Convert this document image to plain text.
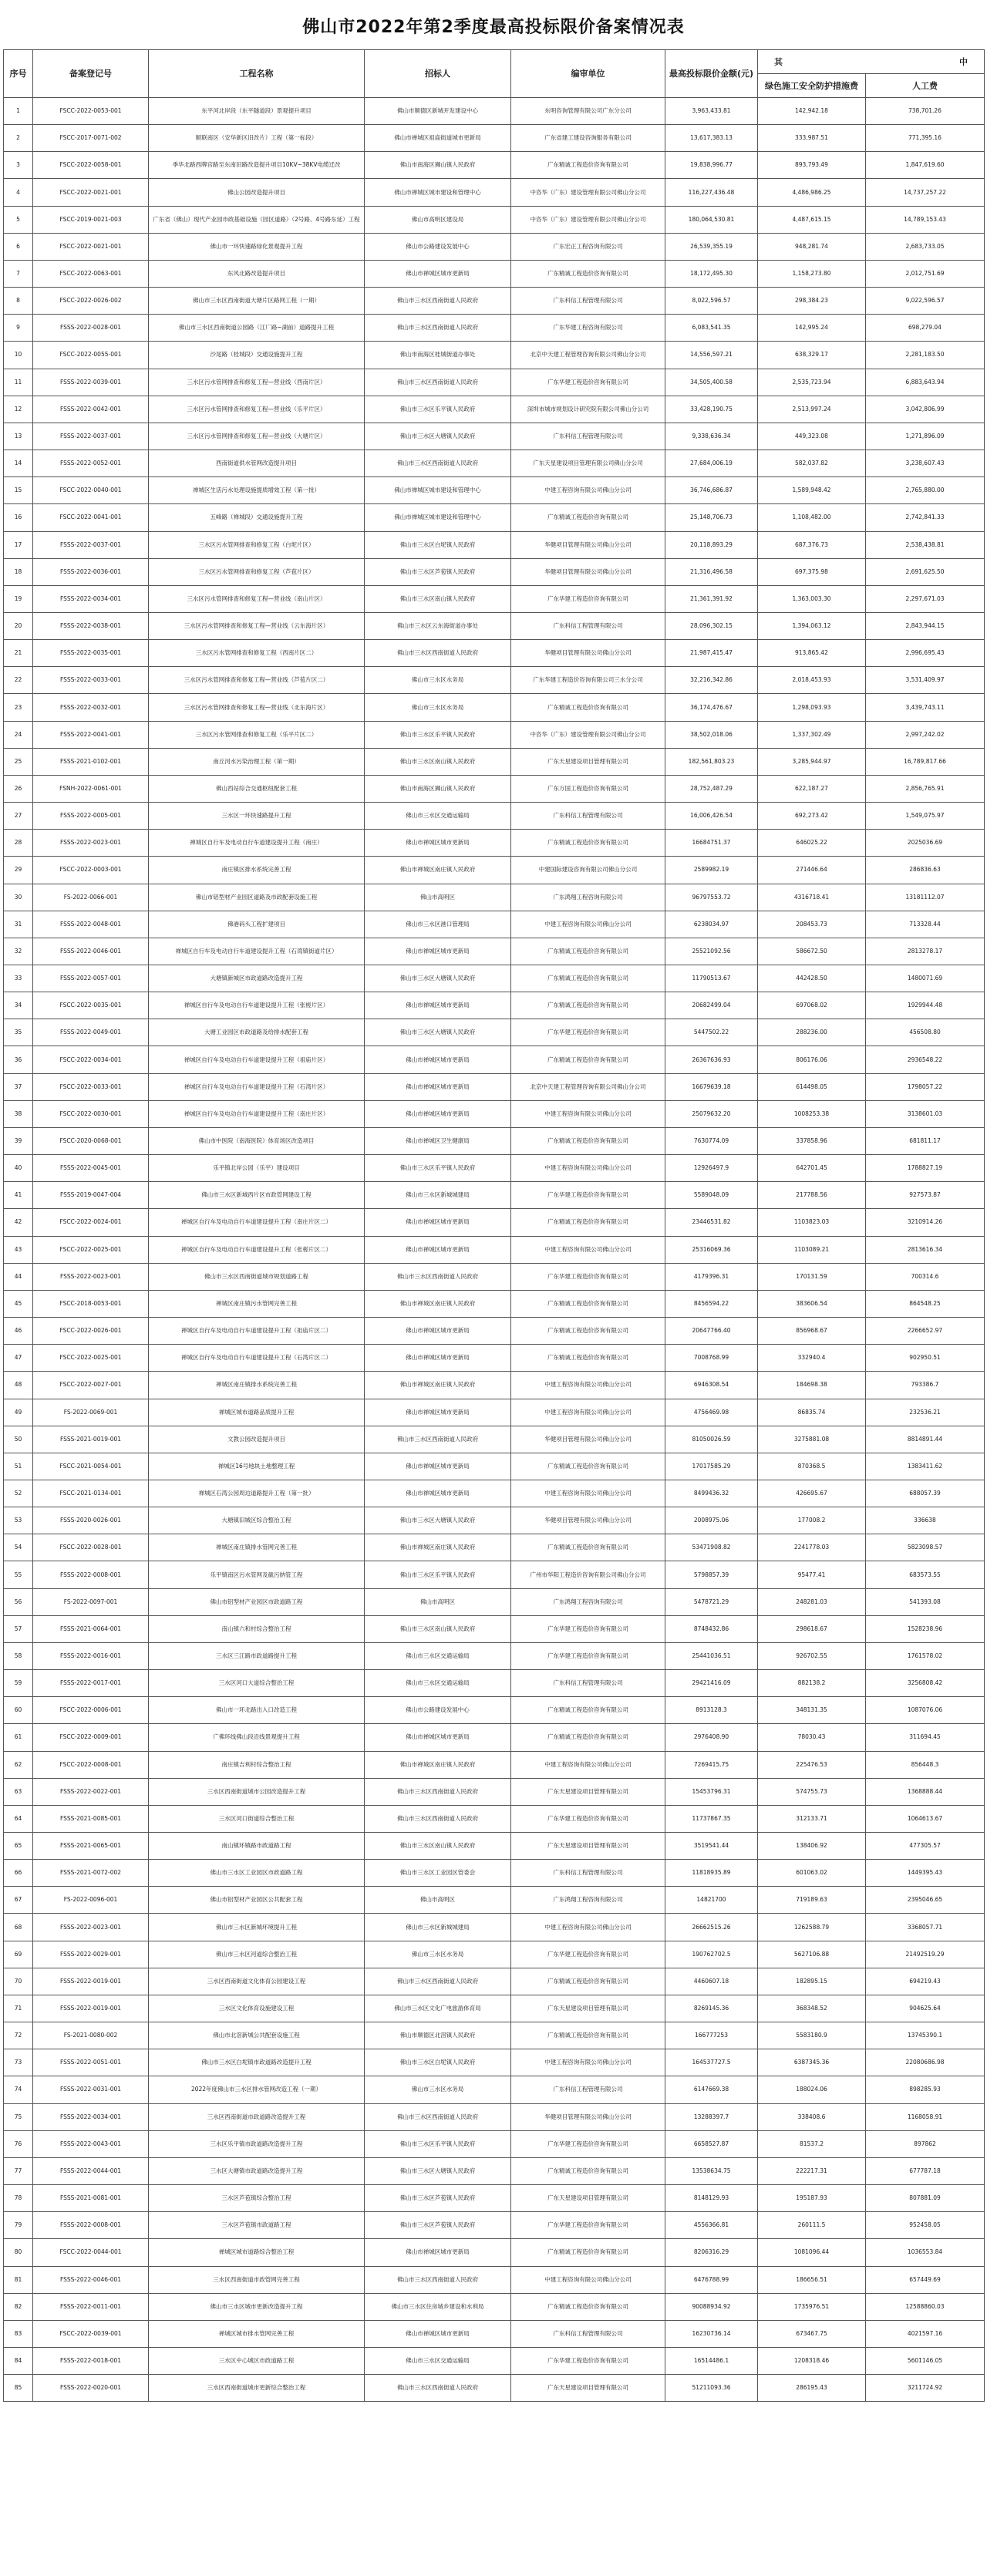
佛山市2022年第2季度最高投标限价备案情况表
序号	备案登记号	工程名称	招标人	编审单位	最高投标限价金额(元)	其 中	

						绿色施工安全防护措施费	人工费
1	FSCC-2022-0053-001	东平河北岸段（东平隧道段）景观提升项目	佛山市顺德区新城开发建设中心	东明咨询管理有限公司广东分公司	3,963,433.81	142,942.18	738,701.26
2	FSCC-2017-0071-002	顺联南区（安华新区旧改片）工程（第一标段）	佛山市禅城区祖庙街道城市更新局	广东省建工建设咨询服务有限公司	13,617,383.13	333,987.51	771,395.16
3	FSCC-2022-0058-001	季华北路西牌宫路至东南旧路改造提升项目10KV~38KV电缆迁改	佛山市南海区狮山镇人民政府	广东精诚工程造价咨询有限公司	19,838,996.77	893,793.49	1,847,619.60
4	FSCC-2022-0021-001	佛山公园改造提升项目	佛山市禅城区城市建设和管理中心	中咨华（广东）建设管理有限公司佛山分公司	116,227,436.48	4,486,986.25	14,737,257.22
5	FSCC-2019-0021-003	广东省（佛山）现代产业园市政基础设施（园区道路）（2号路、4号路东延）工程	佛山市高明区建设局	中咨华（广东）建设管理有限公司佛山分公司	180,064,530.81	4,487,615.15	14,789,153.43
6	FSCC-2022-0021-001	佛山市一环快速路绿化景观提升工程	佛山市公路建设发展中心	广东宏正工程咨询有限公司	26,539,355.19	948,281.74	2,683,733.05
7	FSCC-2022-0063-001	东风北路改造提升项目	佛山市禅城区城市更新局	广东精诚工程造价咨询有限公司	18,172,495.30	1,158,273.80	2,012,751.69
8	FSCC-2022-0026-002	佛山市三水区西南街道大塘片区路网工程（一期）	佛山市三水区西南街道人民政府	广东科信工程管理有限公司	8,022,596.57	298,384.23	9,022,596.57
9	FSSS-2022-0028-001	佛山市三水区西南街道公园路（江厂路~湖前）道路提升工程	佛山市三水区西南街道人民政府	广东华建工程咨询有限公司	6,083,541.35	142,995.24	698,279.04
10	FSCC-2022-0055-001	沙尾路（桂城段）交通设施提升工程	佛山市南海区桂城街道办事处	北京中天建工程管理咨询有限公司佛山分公司	14,556,597.21	638,329.17	2,281,183.50
11	FSSS-2022-0039-001	三水区污水管网排查和修复工程—营业线（西南片区）	佛山市三水区西南街道人民政府	广东华建工程造价咨询有限公司	34,505,400.58	2,535,723.94	6,883,643.94
12	FSSS-2022-0042-001	三水区污水管网排查和修复工程—营业线（乐平片区）	佛山市三水区乐平镇人民政府	深圳市城市规划设计研究院有限公司佛山分公司	33,428,190.75	2,513,997.24	3,042,806.99
13	FSSS-2022-0037-001	三水区污水管网排查和修复工程—营业线（大塘片区）	佛山市三水区大塘镇人民政府	广东科信工程管理有限公司	9,338,636.34	449,323.08	1,271,896.09
14	FSSS-2022-0052-001	西南街道供水管网改造提升项目	佛山市三水区西南街道人民政府	广东天星建设项目管理有限公司佛山分公司	27,684,006.19	582,037.82	3,238,607.43
15	FSCC-2022-0040-001	禅城区生活污水处理设施提质增效工程（第一批）	佛山市禅城区城市建设和管理中心	中建工程咨询有限公司佛山分公司	36,746,686.87	1,589,948.42	2,765,880.00
16	FSCC-2022-0041-001	五峰路（禅城段）交通设施提升工程	佛山市禅城区城市建设和管理中心	广东精诚工程造价咨询有限公司	25,148,706.73	1,108,482.00	2,742,841.33
17	FSSS-2022-0037-001	三水区污水管网排查和修复工程（白坭片区）	佛山市三水区白坭镇人民政府	华健项目管理有限公司佛山分公司	20,118,893.29	687,376.73	2,538,438.81
18	FSSS-2022-0036-001	三水区污水管网排查和修复工程（芦苞片区）	佛山市三水区芦苞镇人民政府	华健项目管理有限公司佛山分公司	21,316,496.58	697,375.98	2,691,625.50
19	FSSS-2022-0034-001	三水区污水管网排查和修复工程—营业线（南山片区）	佛山市三水区南山镇人民政府	广东华建工程造价咨询有限公司	21,361,391.92	1,363,003.30	2,297,671.03
20	FSSS-2022-0038-001	三水区污水管网排查和修复工程—营业线（云东海片区）	佛山市三水区云东海街道办事处	广东科信工程管理有限公司	28,096,302.15	1,394,063.12	2,843,944.15
21	FSSS-2022-0035-001	三水区污水管网排查和修复工程（西南片区二）	佛山市三水区西南街道人民政府	华健项目管理有限公司佛山分公司	21,987,415.47	913,865.42	2,996,695.43
22	FSSS-2022-0033-001	三水区污水管网排查和修复工程—营业线（芦苞片区二）	佛山市三水区水务局	广东华建工程造价咨询有限公司三水分公司	32,216,342.86	2,018,453.93	3,531,409.97
23	FSSS-2022-0032-001	三水区污水管网排查和修复工程—营业线（北东海片区）	佛山市三水区水务局	广东精诚工程造价咨询有限公司	36,174,476.67	1,298,093.93	3,439,743.11
24	FSSS-2022-0041-001	三水区污水管网排查和修复工程（乐平片区二）	佛山市三水区乐平镇人民政府	中咨华（广东）建设管理有限公司佛山分公司	38,502,018.06	1,337,302.49	2,997,242.02
25	FSSS-2021-0102-001	南丘河水污染治理工程（第一期）	佛山市三水区南山镇人民政府	广东天星建设项目管理有限公司	182,561,803.23	3,285,944.97	16,789,817.66
26	FSNH-2022-0061-001	佛山西站综合交通枢纽配套工程	佛山市南海区狮山镇人民政府	广东万国工程造价咨询有限公司	28,752,487.29	622,187.27	2,856,765.91
27	FSSS-2022-0005-001	三水区一环快速路提升工程	佛山市三水区交通运输局	广东科信工程管理有限公司	16,006,426.54	692,273.42	1,549,075.97
28	FSSS-2022-0023-001	禅城区自行车及电动自行车道建设提升工程（南庄）	佛山市禅城区城市更新局	广东精诚工程造价咨询有限公司	16684751.37	646025.22	2025036.69
29	FSCC-2022-0003-001	南庄镇区排水系统完善工程	佛山市禅城区南庄镇人民政府	中建国际建设咨询有限公司佛山分公司	2589982.19	271446.64	286836.63
30	FS-2022-0066-001	佛山市铝型材产业园区道路及市政配套设施工程	佛山市高明区	广东鸿翔工程咨询有限公司	96797553.72	4316718.41	13181112.07
31	FSSS-2022-0048-001	佛港码头工程扩建项目	佛山市三水区港口管理局	中建工程咨询有限公司佛山分公司	6238034.97	208453.73	713328.44
32	FSSS-2022-0046-001	禅城区自行车及电动自行车道建设提升工程（石湾镇街道片区）	佛山市禅城区城市更新局	广东精诚工程造价咨询有限公司	25521092.56	586672.50	2813278.17
33	FSSS-2022-0057-001	大塘镇新城区市政道路改造提升工程	佛山市三水区大塘镇人民政府	广东精诚工程造价咨询有限公司	11790513.67	442428.50	1480071.69
34	FSCC-2022-0035-001	禅城区自行车及电动自行车道建设提升工程（张槎片区）	佛山市禅城区城市更新局	广东精诚工程造价咨询有限公司	20682499.04	697068.02	1929944.48
35	FSSS-2022-0049-001	大塘工业园区市政道路及给排水配套工程	佛山市三水区大塘镇人民政府	广东华建工程造价咨询有限公司	5447502.22	288236.00	456508.80
36	FSCC-2022-0034-001	禅城区自行车及电动自行车道建设提升工程（祖庙片区）	佛山市禅城区城市更新局	广东精诚工程造价咨询有限公司	26367636.93	806176.06	2936548.22
37	FSCC-2022-0033-001	禅城区自行车及电动自行车道建设提升工程（石湾片区）	佛山市禅城区城市更新局	北京中天建工程管理咨询有限公司佛山分公司	16679639.18	614498.05	1798057.22
38	FSCC-2022-0030-001	禅城区自行车及电动自行车道建设提升工程（南庄片区）	佛山市禅城区城市更新局	中建工程咨询有限公司佛山分公司	25079632.20	1008253.38	3138601.03
39	FSCC-2020-0068-001	佛山市中医院（南海医院）体育场区改造项目	佛山市禅城区卫生健康局	广东精诚工程造价咨询有限公司	7630774.09	337858.96	681811.17
40	FSSS-2022-0045-001	乐平镇北岸公园（乐平）建设项目	佛山市三水区乐平镇人民政府	中建工程咨询有限公司佛山分公司	12926497.9	642701.45	1788827.19
41	FSSS-2019-0047-004	佛山市三水区新城西片区市政管网建设工程	佛山市三水区新城城建局	广东华建工程造价咨询有限公司	5589048.09	217788.56	927573.87
42	FSCC-2022-0024-001	禅城区自行车及电动自行车道建设提升工程（南庄片区二）	佛山市禅城区城市更新局	广东精诚工程造价咨询有限公司	23446531.82	1103823.03	3210914.26
43	FSCC-2022-0025-001	禅城区自行车及电动自行车道建设提升工程（张槎片区二）	佛山市禅城区城市更新局	中建工程咨询有限公司佛山分公司	25316069.36	1103089.21	2813616.34
44	FSSS-2022-0023-001	佛山市三水区西南街道城市规划道路工程	佛山市三水区西南街道人民政府	广东华建工程造价咨询有限公司	4179396.31	170131.59	700314.6
45	FSCC-2018-0053-001	禅城区南庄镇污水管网完善工程	佛山市禅城区南庄镇人民政府	广东精诚工程造价咨询有限公司	8456594.22	383606.54	864548.25
46	FSCC-2022-0026-001	禅城区自行车及电动自行车道建设提升工程（祖庙片区二）	佛山市禅城区城市更新局	广东精诚工程造价咨询有限公司	20647766.40	856968.67	2266652.97
47	FSCC-2022-0025-001	禅城区自行车及电动自行车道建设提升工程（石湾片区二）	佛山市禅城区城市更新局	广东精诚工程造价咨询有限公司	7008768.99	332940.4	902950.51
48	FSCC-2022-0027-001	禅城区南庄镇排水系统完善工程	佛山市禅城区南庄镇人民政府	中建工程咨询有限公司佛山分公司	6946308.54	184698.38	793386.7
49	FS-2022-0069-001	禅城区城市道路品质提升工程	佛山市禅城区城市更新局	中建工程咨询有限公司佛山分公司	4756469.98	86835.74	232536.21
50	FSSS-2021-0019-001	文教公园改造提升项目	佛山市三水区西南街道人民政府	华健项目管理有限公司佛山分公司	81050026.59	3275881.08	8814891.44
51	FSCC-2021-0054-001	禅城区16号地块土地整理工程	佛山市禅城区城市更新局	广东精诚工程造价咨询有限公司	17017585.29	870368.5	1383411.62
52	FSCC-2021-0134-001	禅城区石湾公园周边道路提升工程（第一批）	佛山市禅城区城市更新局	中建工程咨询有限公司佛山分公司	8499436.32	426695.67	688057.39
53	FSSS-2020-0026-001	大塘镇旧城区综合整治工程	佛山市三水区大塘镇人民政府	华健项目管理有限公司佛山分公司	2008975.06	177008.2	336638
54	FSCC-2022-0028-001	禅城区南庄镇排水管网完善工程	佛山市禅城区南庄镇人民政府	广东精诚工程造价咨询有限公司	53471908.82	2241778.03	5823098.57
55	FSSS-2022-0008-001	乐平镇南区污水管网及截污纳管工程	佛山市三水区乐平镇人民政府	广州市华阳工程造价咨询有限公司佛山分公司	5798857.39	95477.41	683573.55
56	FS-2022-0097-001	佛山市铝型材产业园区市政道路工程	佛山市高明区	广东鸿翔工程咨询有限公司	5478721.29	248281.03	541393.08
57	FSSS-2021-0064-001	南山镇六和村综合整治工程	佛山市三水区南山镇人民政府	广东华建工程造价咨询有限公司	8748432.86	298618.67	1528238.96
58	FSSS-2022-0016-001	三水区三江路市政道路提升工程	佛山市三水区交通运输局	广东华建工程造价咨询有限公司	25441036.51	926702.55	1761578.02
59	FSSS-2022-0017-001	三水区河口大道综合整治工程	佛山市三水区交通运输局	广东科信工程管理有限公司	29421416.09	882138.2	3256808.42
60	FSCC-2022-0006-001	佛山市一环北路出入口改造工程	佛山市公路建设发展中心	广东精诚工程造价咨询有限公司	8913128.3	348131.35	1087076.06
61	FSCC-2022-0009-001	广佛环线佛山段沿线景观提升工程	佛山市禅城区城市更新局	广东精诚工程造价咨询有限公司	2976408.90	78030.43	311694.45
62	FSCC-2022-0008-001	南庄镇吉利村综合整治工程	佛山市禅城区南庄镇人民政府	中建工程咨询有限公司佛山分公司	7269415.75	225476.53	856448.3
63	FSSS-2022-0022-001	三水区西南街道城市公园改造提升工程	佛山市三水区西南街道人民政府	广东天星建设项目管理有限公司	15453796.31	574755.73	1368888.44
64	FSSS-2021-0085-001	三水区河口街道综合整治工程	佛山市三水区西南街道人民政府	广东华建工程造价咨询有限公司	11737867.35	312133.71	1064613.67
65	FSSS-2021-0065-001	南山镇环镇路市政道路工程	佛山市三水区南山镇人民政府	广东天星建设项目管理有限公司	3519541.44	138406.92	477305.57
66	FSSS-2021-0072-002	佛山市三水区工业园区市政道路工程	佛山市三水区工业园区管委会	广东科信工程管理有限公司	11818935.89	601063.02	1449395.43
67	FS-2022-0096-001	佛山市铝型材产业园区公共配套工程	佛山市高明区	广东鸿翔工程咨询有限公司	14821700	719189.63	2395046.65
68	FSSS-2022-0023-001	佛山市三水区新城环境提升工程	佛山市三水区新城城建局	中建工程咨询有限公司佛山分公司	26662515.26	1262588.79	3368057.71
69	FSSS-2022-0029-001	佛山市三水区河道综合整治工程	佛山市三水区水务局	广东华建工程造价咨询有限公司	190762702.5	5627106.88	21492519.29
70	FSSS-2022-0019-001	三水区西南街道文化体育公园建设工程	佛山市三水区西南街道人民政府	广东精诚工程造价咨询有限公司	4460607.18	182895.15	694219.43
71	FSSS-2022-0019-001	三水区文化体育设施建设工程	佛山市三水区文化广电旅游体育局	广东天星建设项目管理有限公司	8269145.36	368348.52	904625.64
72	FS-2021-0080-002	佛山市北滘新城公共配套设施工程	佛山市顺德区北滘镇人民政府	广东精诚工程造价咨询有限公司	166777253	5583180.9	13745390.1
73	FSSS-2022-0051-001	佛山市三水区白坭镇市政道路改造提升工程	佛山市三水区白坭镇人民政府	中建工程咨询有限公司佛山分公司	164537727.5	6387345.36	22080686.98
74	FSSS-2022-0031-001	2022年度佛山市三水区排水管网改造工程（一期）	佛山市三水区水务局	广东科信工程管理有限公司	6147669.38	188024.06	898285.93
75	FSSS-2022-0034-001	三水区西南街道市政道路改造提升工程	佛山市三水区西南街道人民政府	华健项目管理有限公司佛山分公司	13288397.7	338408.6	1168058.91
76	FSSS-2022-0043-001	三水区乐平镇市政道路改造提升工程	佛山市三水区乐平镇人民政府	广东华建工程造价咨询有限公司	6658527.87	81537.2	897862
77	FSSS-2022-0044-001	三水区大塘镇市政道路改造提升工程	佛山市三水区大塘镇人民政府	广东精诚工程造价咨询有限公司	13538634.75	222217.31	677787.18
78	FSSS-2021-0081-001	三水区芦苞镇综合整治工程	佛山市三水区芦苞镇人民政府	广东天星建设项目管理有限公司	8148129.93	195187.93	807881.09
79	FSSS-2022-0008-001	三水区芦苞镇市政道路工程	佛山市三水区芦苞镇人民政府	广东华建工程造价咨询有限公司	4556366.81	260111.5	952458.05
80	FSCC-2022-0044-001	禅城区城市道路综合整治工程	佛山市禅城区城市更新局	广东精诚工程造价咨询有限公司	8206316.29	1081096.44	1036553.84
81	FSSS-2022-0046-001	三水区西南街道市政管网完善工程	佛山市三水区西南街道人民政府	中建工程咨询有限公司佛山分公司	6476788.99	186656.51	657449.69
82	FSSS-2022-0011-001	佛山市三水区城市更新改造提升工程	佛山市三水区住房城乡建设和水利局	广东精诚工程造价咨询有限公司	90088934.92	1735976.51	12588860.03
83	FSCC-2022-0039-001	禅城区城市排水管网完善工程	佛山市禅城区城市更新局	广东科信工程管理有限公司	16230736.14	673467.75	4021597.16
84	FSSS-2022-0018-001	三水区中心城区市政道路工程	佛山市三水区交通运输局	广东华建工程造价咨询有限公司	16514486.1	1208318.46	5601146.05
85	FSSS-2022-0020-001	三水区西南街道城市更新综合整治工程	佛山市三水区西南街道人民政府	广东天星建设项目管理有限公司	51211093.36	286195.43	3211724.92
